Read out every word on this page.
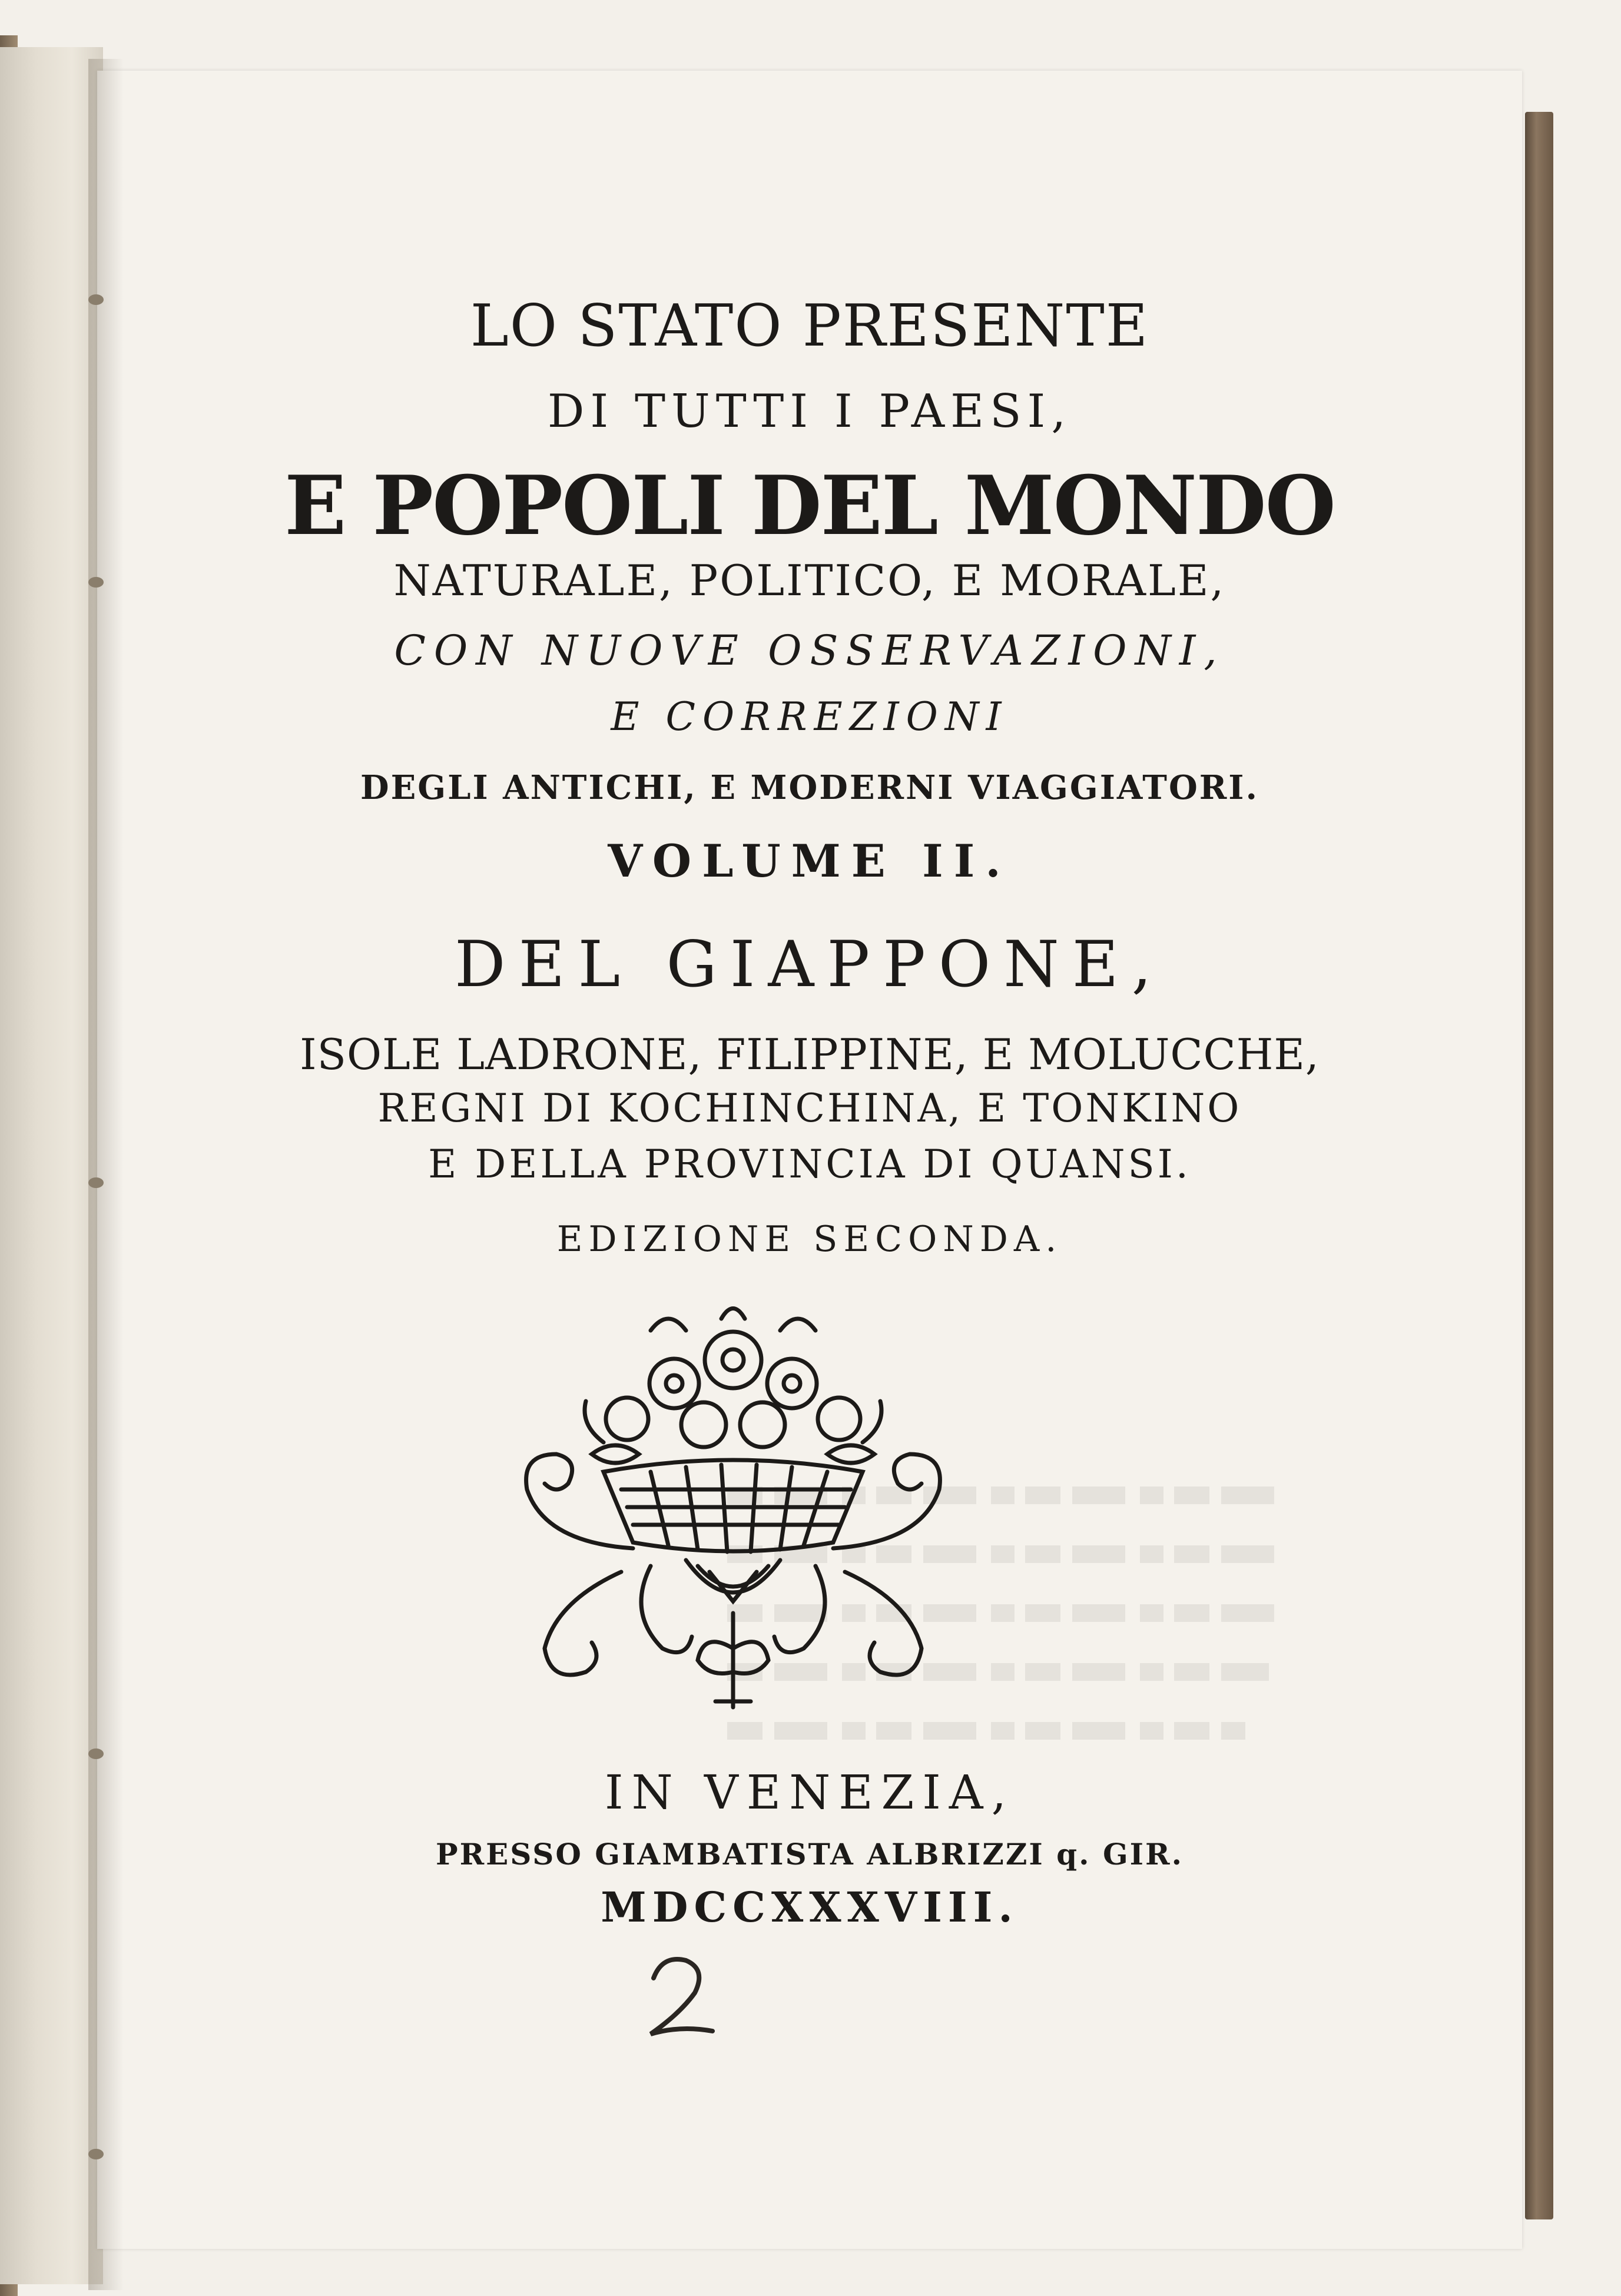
LO STATO PRESENTE
DI TUTTI I PAESI,
E POPOLI DEL MONDO
NATURALE, POLITICO, E MORALE,
CON NUOVE OSSERVAZIONI,
E CORREZIONI
DEGLI ANTICHI, E MODERNI VIAGGIATORI.
VOLUME II.
DEL GIAPPONE,
ISOLE LADRONE, FILIPPINE, E MOLUCCHE,
REGNI DI KOCHINCHINA, E TONKINO
E DELLA PROVINCIA DI QUANSI.
EDIZIONE SECONDA.
IN VENEZIA,
PRESSO GIAMBATISTA ALBRIZZI q. GIR.
MDCCXXXVIII.
